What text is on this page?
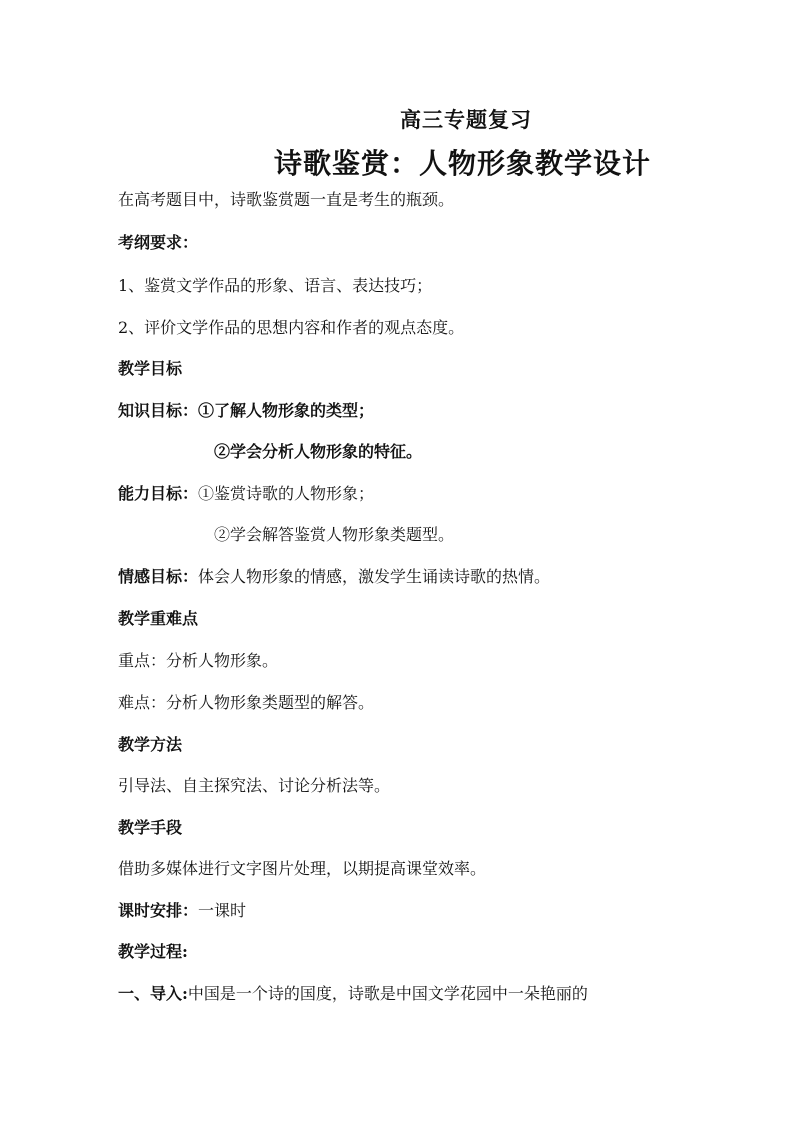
高三专题复习
诗歌鉴赏：人物形象教学设计
在高考题目中，诗歌鉴赏题一直是考生的瓶颈。
考纲要求：
1、鉴赏文学作品的形象、语言、表达技巧；
2、评价文学作品的思想内容和作者的观点态度。
教学目标
知识目标：①了解人物形象的类型；
②学会分析人物形象的特征。
能力目标：①鉴赏诗歌的人物形象；
②学会解答鉴赏人物形象类题型。
情感目标：体会人物形象的情感，激发学生诵读诗歌的热情。
教学重难点
重点：分析人物形象。
难点：分析人物形象类题型的解答。
教学方法
引导法、自主探究法、讨论分析法等。
教学手段
借助多媒体进行文字图片处理，以期提高课堂效率。
课时安排：一课时
教学过程:
一、导入:中国是一个诗的国度，诗歌是中国文学花园中一朵艳丽的
